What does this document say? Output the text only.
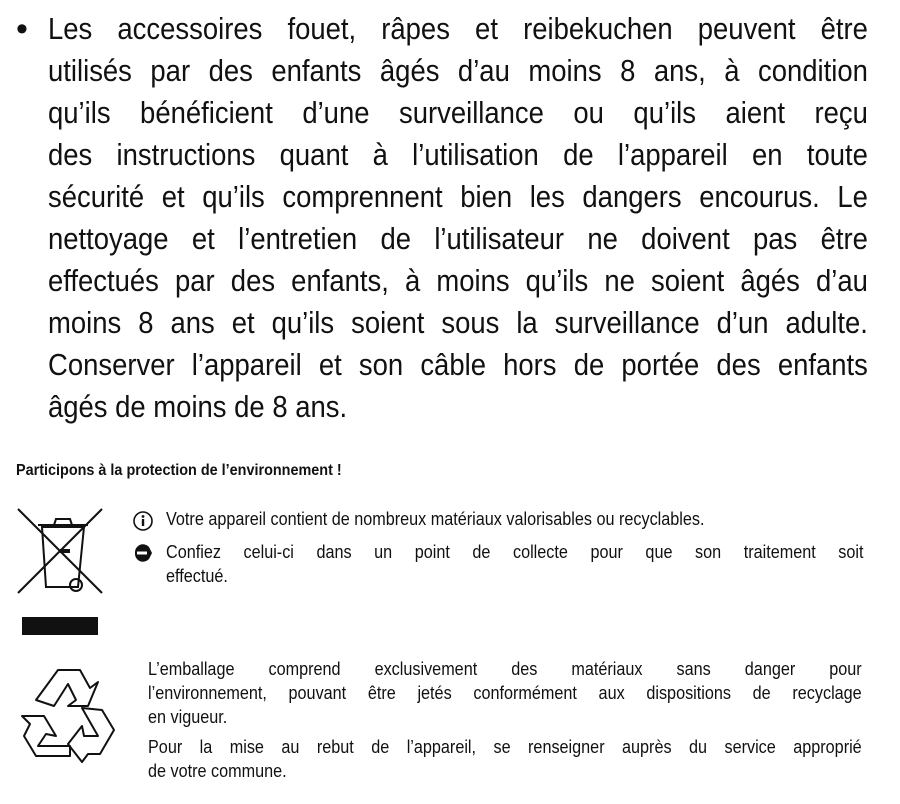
• Les accessoires fouet, râpes et reibekuchen peuvent être
utilisés par des enfants âgés d’au moins 8 ans, à condition
qu’ils bénéficient d’une surveillance ou qu’ils aient reçu
des instructions quant à l’utilisation de l’appareil en toute
sécurité et qu’ils comprennent bien les dangers encourus. Le
nettoyage et l’entretien de l’utilisateur ne doivent pas être
effectués par des enfants, à moins qu’ils ne soient âgés d’au
moins 8 ans et qu’ils soient sous la surveillance d’un adulte.
Conserver l’appareil et son câble hors de portée des enfants
âgés de moins de 8 ans.
Participons à la protection de l’environnement !
Votre appareil contient de nombreux matériaux valorisables ou recyclables.
Confiez celui-ci dans un point de collecte pour que son traitement soit
effectué.
L’emballage comprend exclusivement des matériaux sans danger pour
l’environnement, pouvant être jetés conformément aux dispositions de recyclage
en vigueur.
Pour la mise au rebut de l’appareil, se renseigner auprès du service approprié
de votre commune.
